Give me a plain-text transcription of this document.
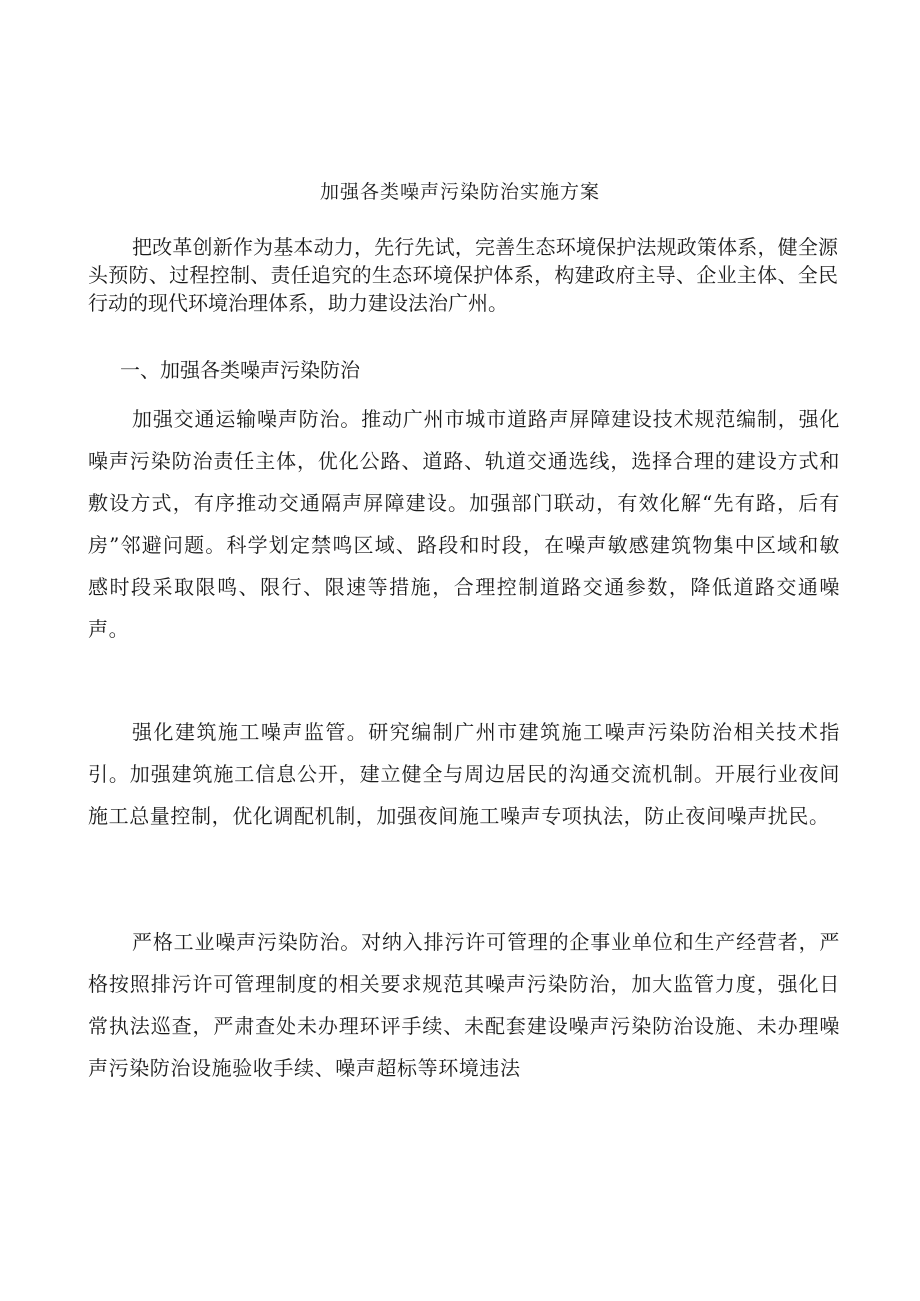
加强各类噪声污染防治实施方案
把改革创新作为基本动力，先行先试，完善生态环境保护法规政策体系，健全源头预防、过程控制、责任追究的生态环境保护体系，构建政府主导、企业主体、全民行动的现代环境治理体系，助力建设法治广州。
一、加强各类噪声污染防治
加强交通运输噪声防治。推动广州市城市道路声屏障建设技术规范编制，强化噪声污染防治责任主体，优化公路、道路、轨道交通选线，选择合理的建设方式和敷设方式，有序推动交通隔声屏障建设。加强部门联动，有效化解“先有路，后有房”邻避问题。科学划定禁鸣区域、路段和时段，在噪声敏感建筑物集中区域和敏感时段采取限鸣、限行、限速等措施，合理控制道路交通参数，降低道路交通噪声。
强化建筑施工噪声监管。研究编制广州市建筑施工噪声污染防治相关技术指引。加强建筑施工信息公开，建立健全与周边居民的沟通交流机制。开展行业夜间施工总量控制，优化调配机制，加强夜间施工噪声专项执法，防止夜间噪声扰民。
严格工业噪声污染防治。对纳入排污许可管理的企事业单位和生产经营者，严格按照排污许可管理制度的相关要求规范其噪声污染防治，加大监管力度，强化日常执法巡查，严肃查处未办理环评手续、未配套建设噪声污染防治设施、未办理噪声污染防治设施验收手续、噪声超标等环境违法
